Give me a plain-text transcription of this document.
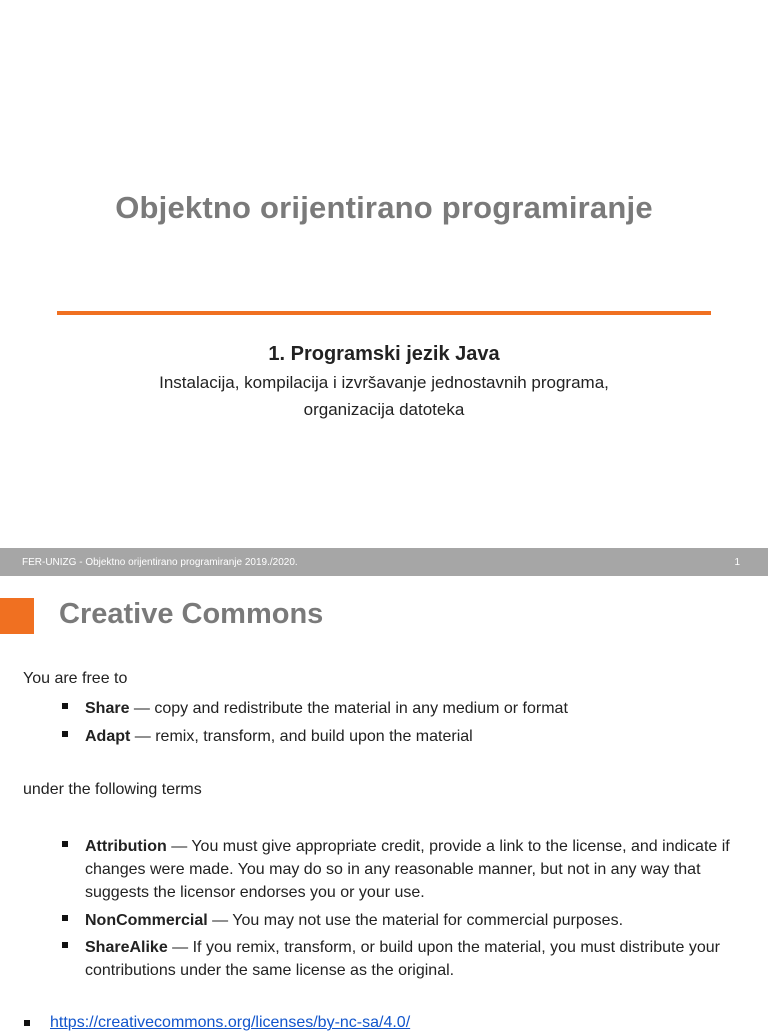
Objektno orijentirano programiranje
1. Programski jezik Java
Instalacija, kompilacija i izvršavanje jednostavnih programa,
organizacija datoteka
FER-UNIZG - Objektno orijentirano programiranje 2019./2020.	1
Creative Commons
You are free to
Share — copy and redistribute the material in any medium or format
Adapt — remix, transform, and build upon the material
under the following terms
Attribution — You must give appropriate credit, provide a link to the license, and indicate if changes were made. You may do so in any reasonable manner, but not in any way that suggests the licensor endorses you or your use.
NonCommercial — You may not use the material for commercial purposes.
ShareAlike — If you remix, transform, or build upon the material, you must distribute your contributions under the same license as the original.
https://creativecommons.org/licenses/by-nc-sa/4.0/
